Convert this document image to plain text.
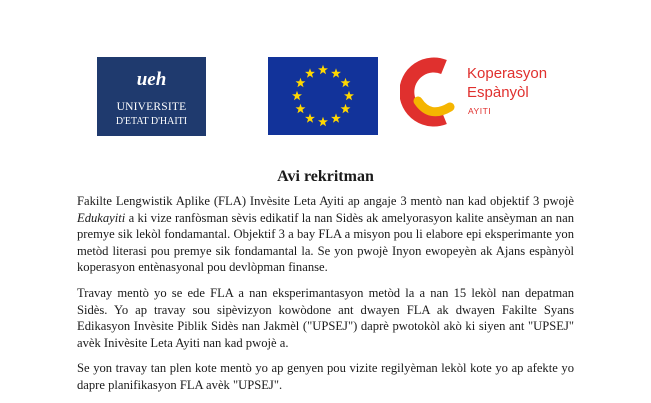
ueh
UNIVERSITE
D'ETAT D'HAITI
Koperasyon
Espànyòl
AYITI
Avi rekritman

Fakilte Lengwistik Aplike (FLA) Invèsite Leta Ayiti ap angaje 3 mentò nan kad objektif 3 pwojè Edukayiti a ki vize ranfòsman sèvis edikatif la nan Sidès ak amelyorasyon kalite ansèyman an nan premye sik lekòl fondamantal. Objektif 3 a bay FLA a misyon pou li elabore epi eksperimante yon metòd literasi pou premye sik fondamantal la. Se yon pwojè Inyon ewopeyèn ak Ajans espànyòl koperasyon entènasyonal pou devlòpman finanse.

Travay mentò yo se ede FLA a nan eksperimantasyon metòd la a nan 15 lekòl nan depatman Sidès. Yo ap travay sou sipèvizyon kowòdone ant dwayen FLA ak dwayen Fakilte Syans Edikasyon Invèsite Piblik Sidès nan Jakmèl ("UPSEJ") daprè pwotokòl akò ki siyen ant "UPSEJ" avèk Inivèsite Leta Ayiti nan kad pwojè a.

Se yon travay tan plen kote mentò yo ap genyen pou vizite regilyèman lekòl kote yo ap afekte yo dapre planifikasyon FLA avèk "UPSEJ".
